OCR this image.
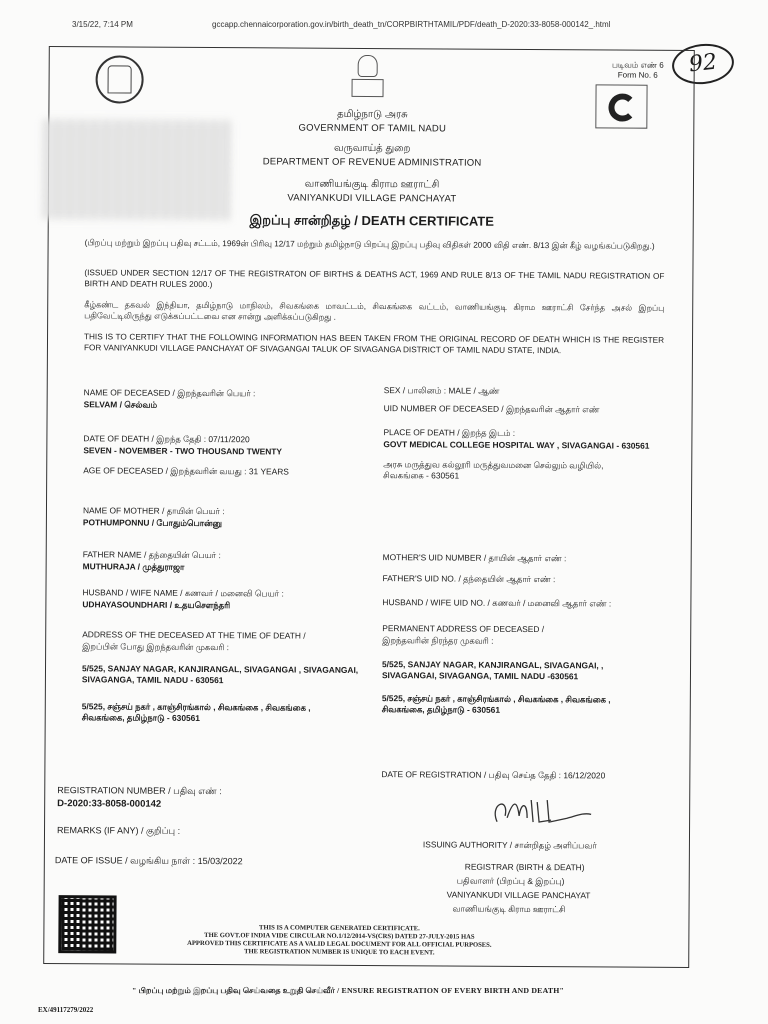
3/15/22, 7:14 PM	gccapp.chennaicorporation.gov.in/birth_death_tn/CORPBIRTHTAMIL/PDF/death_D-2020:33-8058-000142_.html
92
படிவம் எண் 6
Form No. 6
தமிழ்நாடு அரசு
GOVERNMENT OF TAMIL NADU
வருவாய்த் துறை
DEPARTMENT OF REVENUE ADMINISTRATION
வாணியங்குடி கிராம ஊராட்சி
VANIYANKUDI VILLAGE PANCHAYAT
இறப்பு சான்றிதழ் / DEATH CERTIFICATE
(பிறப்பு மற்றும் இறப்பு பதிவு சட்டம், 1969ன் பிரிவு 12/17 மற்றும் தமிழ்நாடு பிறப்பு இறப்பு பதிவு விதிகள் 2000 விதி எண். 8/13 இன் கீழ் வழங்கப்படுகிறது.)
(ISSUED UNDER SECTION 12/17 OF THE REGISTRATON OF BIRTHS & DEATHS ACT, 1969 AND RULE 8/13 OF THE TAMIL NADU REGISTRATION OF BIRTH AND DEATH RULES 2000.)
கீழ்கண்ட தகவல் இந்தியா, தமிழ்நாடு மாநிலம், சிவகங்கை மாவட்டம், சிவகங்கை வட்டம், வாணியங்குடி கிராம ஊராட்சி சேர்ந்த அசல் இறப்பு பதிவேட்டிலிருந்து எடுக்கப்பட்டவை என சான்று அளிக்கப்படுகிறது .
THIS IS TO CERTIFY THAT THE FOLLOWING INFORMATION HAS BEEN TAKEN FROM THE ORIGINAL RECORD OF DEATH WHICH IS THE REGISTER FOR VANIYANKUDI VILLAGE PANCHAYAT OF SIVAGANGAI TALUK OF SIVAGANGA DISTRICT OF TAMIL NADU STATE, INDIA.
NAME OF DECEASED / இறந்தவரின் பெயர் :
SELVAM / செல்வம்
DATE OF DEATH / இறந்த தேதி : 07/11/2020
SEVEN - NOVEMBER - TWO THOUSAND TWENTY
AGE OF DECEASED / இறந்தவரின் வயது : 31 YEARS
NAME OF MOTHER / தாயின் பெயர் :
POTHUMPONNU / போதும்பொன்னு
FATHER NAME / தந்தையின் பெயர் :
MUTHURAJA / முத்துராஜா
HUSBAND / WIFE NAME / கணவர் / மனைவி பெயர் :
UDHAYASOUNDHARI / உதயசௌந்தரி
ADDRESS OF THE DECEASED AT THE TIME OF DEATH /
இறப்பின் போது இறந்தவரின் முகவரி :
5/525, SANJAY NAGAR, KANJIRANGAL, SIVAGANGAI , SIVAGANGAI, SIVAGANGA, TAMIL NADU - 630561
5/525, சஞ்சய் நகர் , காஞ்சிரங்கால் , சிவகங்கை , சிவகங்கை , சிவகங்கை, தமிழ்நாடு - 630561
SEX / பாலினம் : MALE / ஆண்
UID NUMBER OF DECEASED / இறந்தவரின் ஆதார் எண்
PLACE OF DEATH / இறந்த இடம் :
GOVT MEDICAL COLLEGE HOSPITAL WAY , SIVAGANGAI - 630561
அரசு மருத்துவ கல்லூரி மருத்துவமனை செல்லும் வழியில், சிவகங்கை - 630561
MOTHER'S UID NUMBER / தாயின் ஆதார் எண் :
FATHER'S UID NO. / தந்தையின் ஆதார் எண் :
HUSBAND / WIFE UID NO. / கணவர் / மனைவி ஆதார் எண் :
PERMANENT ADDRESS OF DECEASED /
இறந்தவரின் நிரந்தர முகவரி :
5/525, SANJAY NAGAR, KANJIRANGAL, SIVAGANGAI, , SIVAGANGAI, SIVAGANGA, TAMIL NADU -630561
5/525, சஞ்சய் நகர் , காஞ்சிரங்கால் , சிவகங்கை , சிவகங்கை , சிவகங்கை, தமிழ்நாடு - 630561
DATE OF REGISTRATION / பதிவு செய்த தேதி : 16/12/2020
REGISTRATION NUMBER / பதிவு எண் :
D-2020:33-8058-000142
REMARKS (IF ANY) / குறிப்பு :
DATE OF ISSUE / வழங்கிய நாள் : 15/03/2022
ISSUING AUTHORITY / சான்றிதழ் அளிப்பவர்
REGISTRAR (BIRTH & DEATH)
பதிவாளர் (பிறப்பு & இறப்பு)
VANIYANKUDI VILLAGE PANCHAYAT
வாணியங்குடி கிராம ஊராட்சி
THIS IS A COMPUTER GENERATED CERTIFICATE.
THE GOVT.OF INDIA VIDE CIRCULAR NO.1/12/2014-VS(CRS) DATED 27-JULY-2015 HAS
APPROVED THIS CERTIFICATE AS A VALID LEGAL DOCUMENT FOR ALL OFFICIAL PURPOSES.
THE REGISTRATION NUMBER IS UNIQUE TO EACH EVENT.
" பிறப்பு மற்றும் இறப்பு பதிவு செய்வதை உறுதி செய்வீர் / ENSURE REGISTRATION OF EVERY BIRTH AND DEATH"
EX/49117279/2022
